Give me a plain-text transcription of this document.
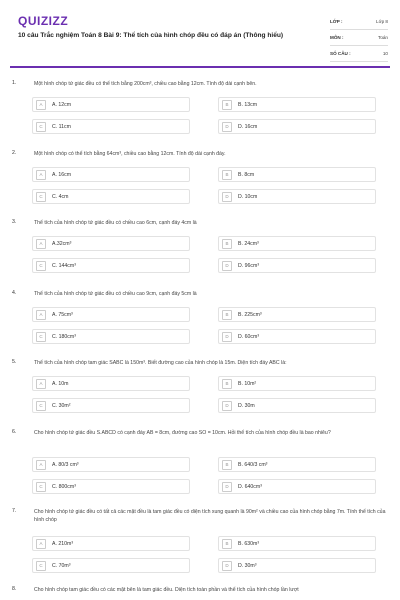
QUIZIZZ
10 câu Trắc nghiệm Toán 8 Bài 9: Thể tích của hình chóp đều có đáp án (Thông hiểu)
LỚP :	Lớp 8
MÔN :	Toán
SỐ CÂU :	10
1.	Một hình chóp tứ giác đều có thể tích bằng 200cm³, chiều cao bằng 12cm. Tính độ dài cạnh bên.
A	A. 12cm	B	B. 13cm
C	C. 11cm	D	D. 16cm
2.	Một hình chóp có thể tích bằng 64cm³, chiều cao bằng 12cm. Tính độ dài cạnh đáy.
A	A. 16cm	B	B. 8cm
C	C. 4cm	D	D. 10cm
3.	Thể tích của hình chóp tứ giác đều có chiều cao 6cm, cạnh đáy 4cm là
A	A.32cm³	B	B. 24cm³
C	C. 144cm³	D	D. 96cm³
4.	Thể tích của hình chóp tứ giác đều có chiều cao 9cm, cạnh đáy 5cm là
A	A. 75cm³	B	B. 225cm³
C	C. 180cm³	D	D. 60cm³
5.	Thể tích của hình chóp tam giác SABC là 150m³. Biết đường cao của hình chóp là 15m. Diện tích đáy ABC là:
A	A. 10m	B	B. 10m²
C	C. 30m²	D	D. 30m
6.	Cho hình chóp tứ giác đều S.ABCD có cạnh đáy AB = 8cm, đường cao SO = 10cm. Hỏi thể tích của hình chóp đều là bao nhiêu?
A	A. 80/3 cm³	B	B. 640/3 cm³
C	C. 800cm³	D	D. 640cm³
7.	Cho hình chóp tứ giác đều có tất cả các mặt đều là tam giác đều có diện tích xung quanh là 90m² và chiều cao của hình chóp bằng 7m. Tính thể tích của hình chóp
A	A. 210m³	B	B. 630m³
C	C. 70m³	D	D. 30m³
8.	Cho hình chóp tam giác đều có các mặt bên là tam giác đều. Diện tích toàn phần và thể tích của hình chóp lần lượt
